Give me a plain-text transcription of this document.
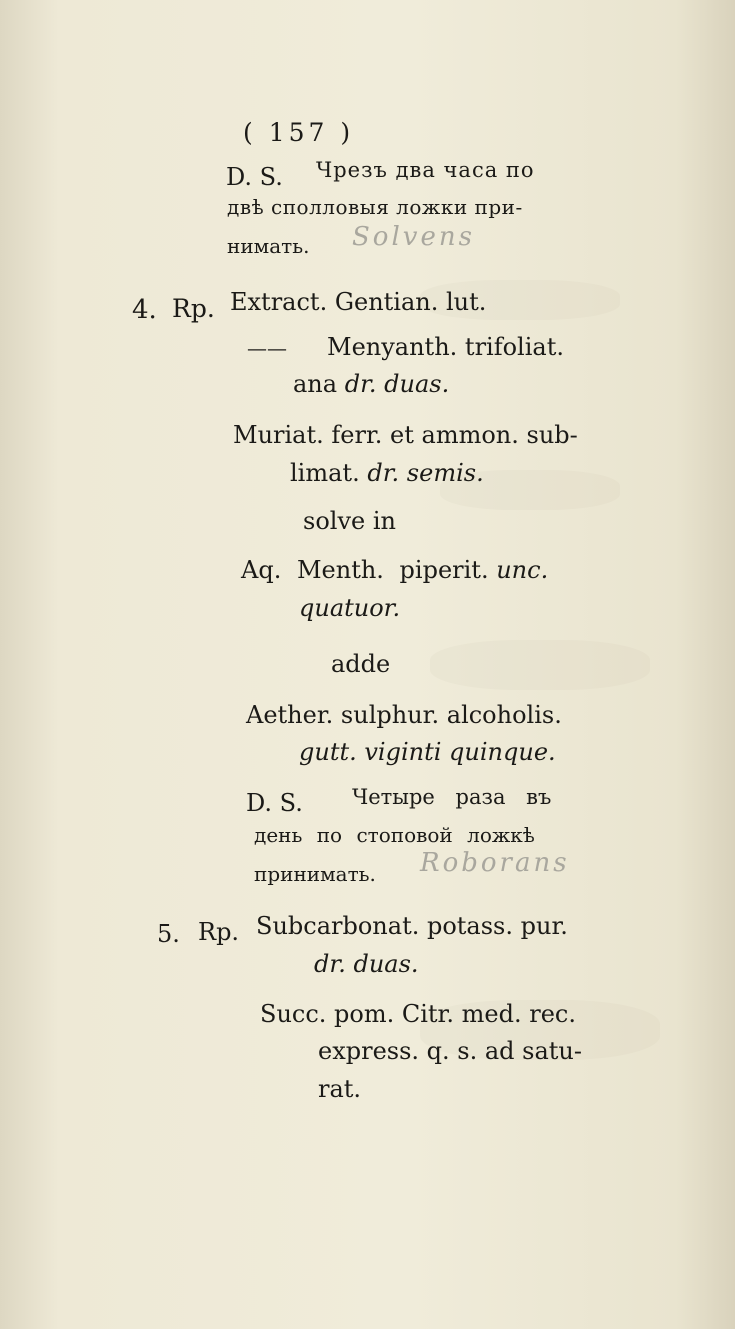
( 157 )
D. S. Чрезъ два часа по
двѣ сполловыя ложки при-
нимать. Solvens
4. Rp. Extract. Gentian. lut.
—— Menyanth. trifoliat.
ana dr. duas.
Muriat. ferr. et ammon. sub-
limat. dr. semis.
solve in
Aq. Menth. piperit. unc.
quatuor.
adde
Aether. sulphur. alcoholis.
gutt. viginti quinque.
D. S. Четыре раза въ
день по стоповой ложкѣ
принимать. Roborans
5. Rp. Subcarbonat. potass. pur.
dr. duas.
Succ. pom. Citr. med. rec.
express. q. s. ad satu-
rat.
